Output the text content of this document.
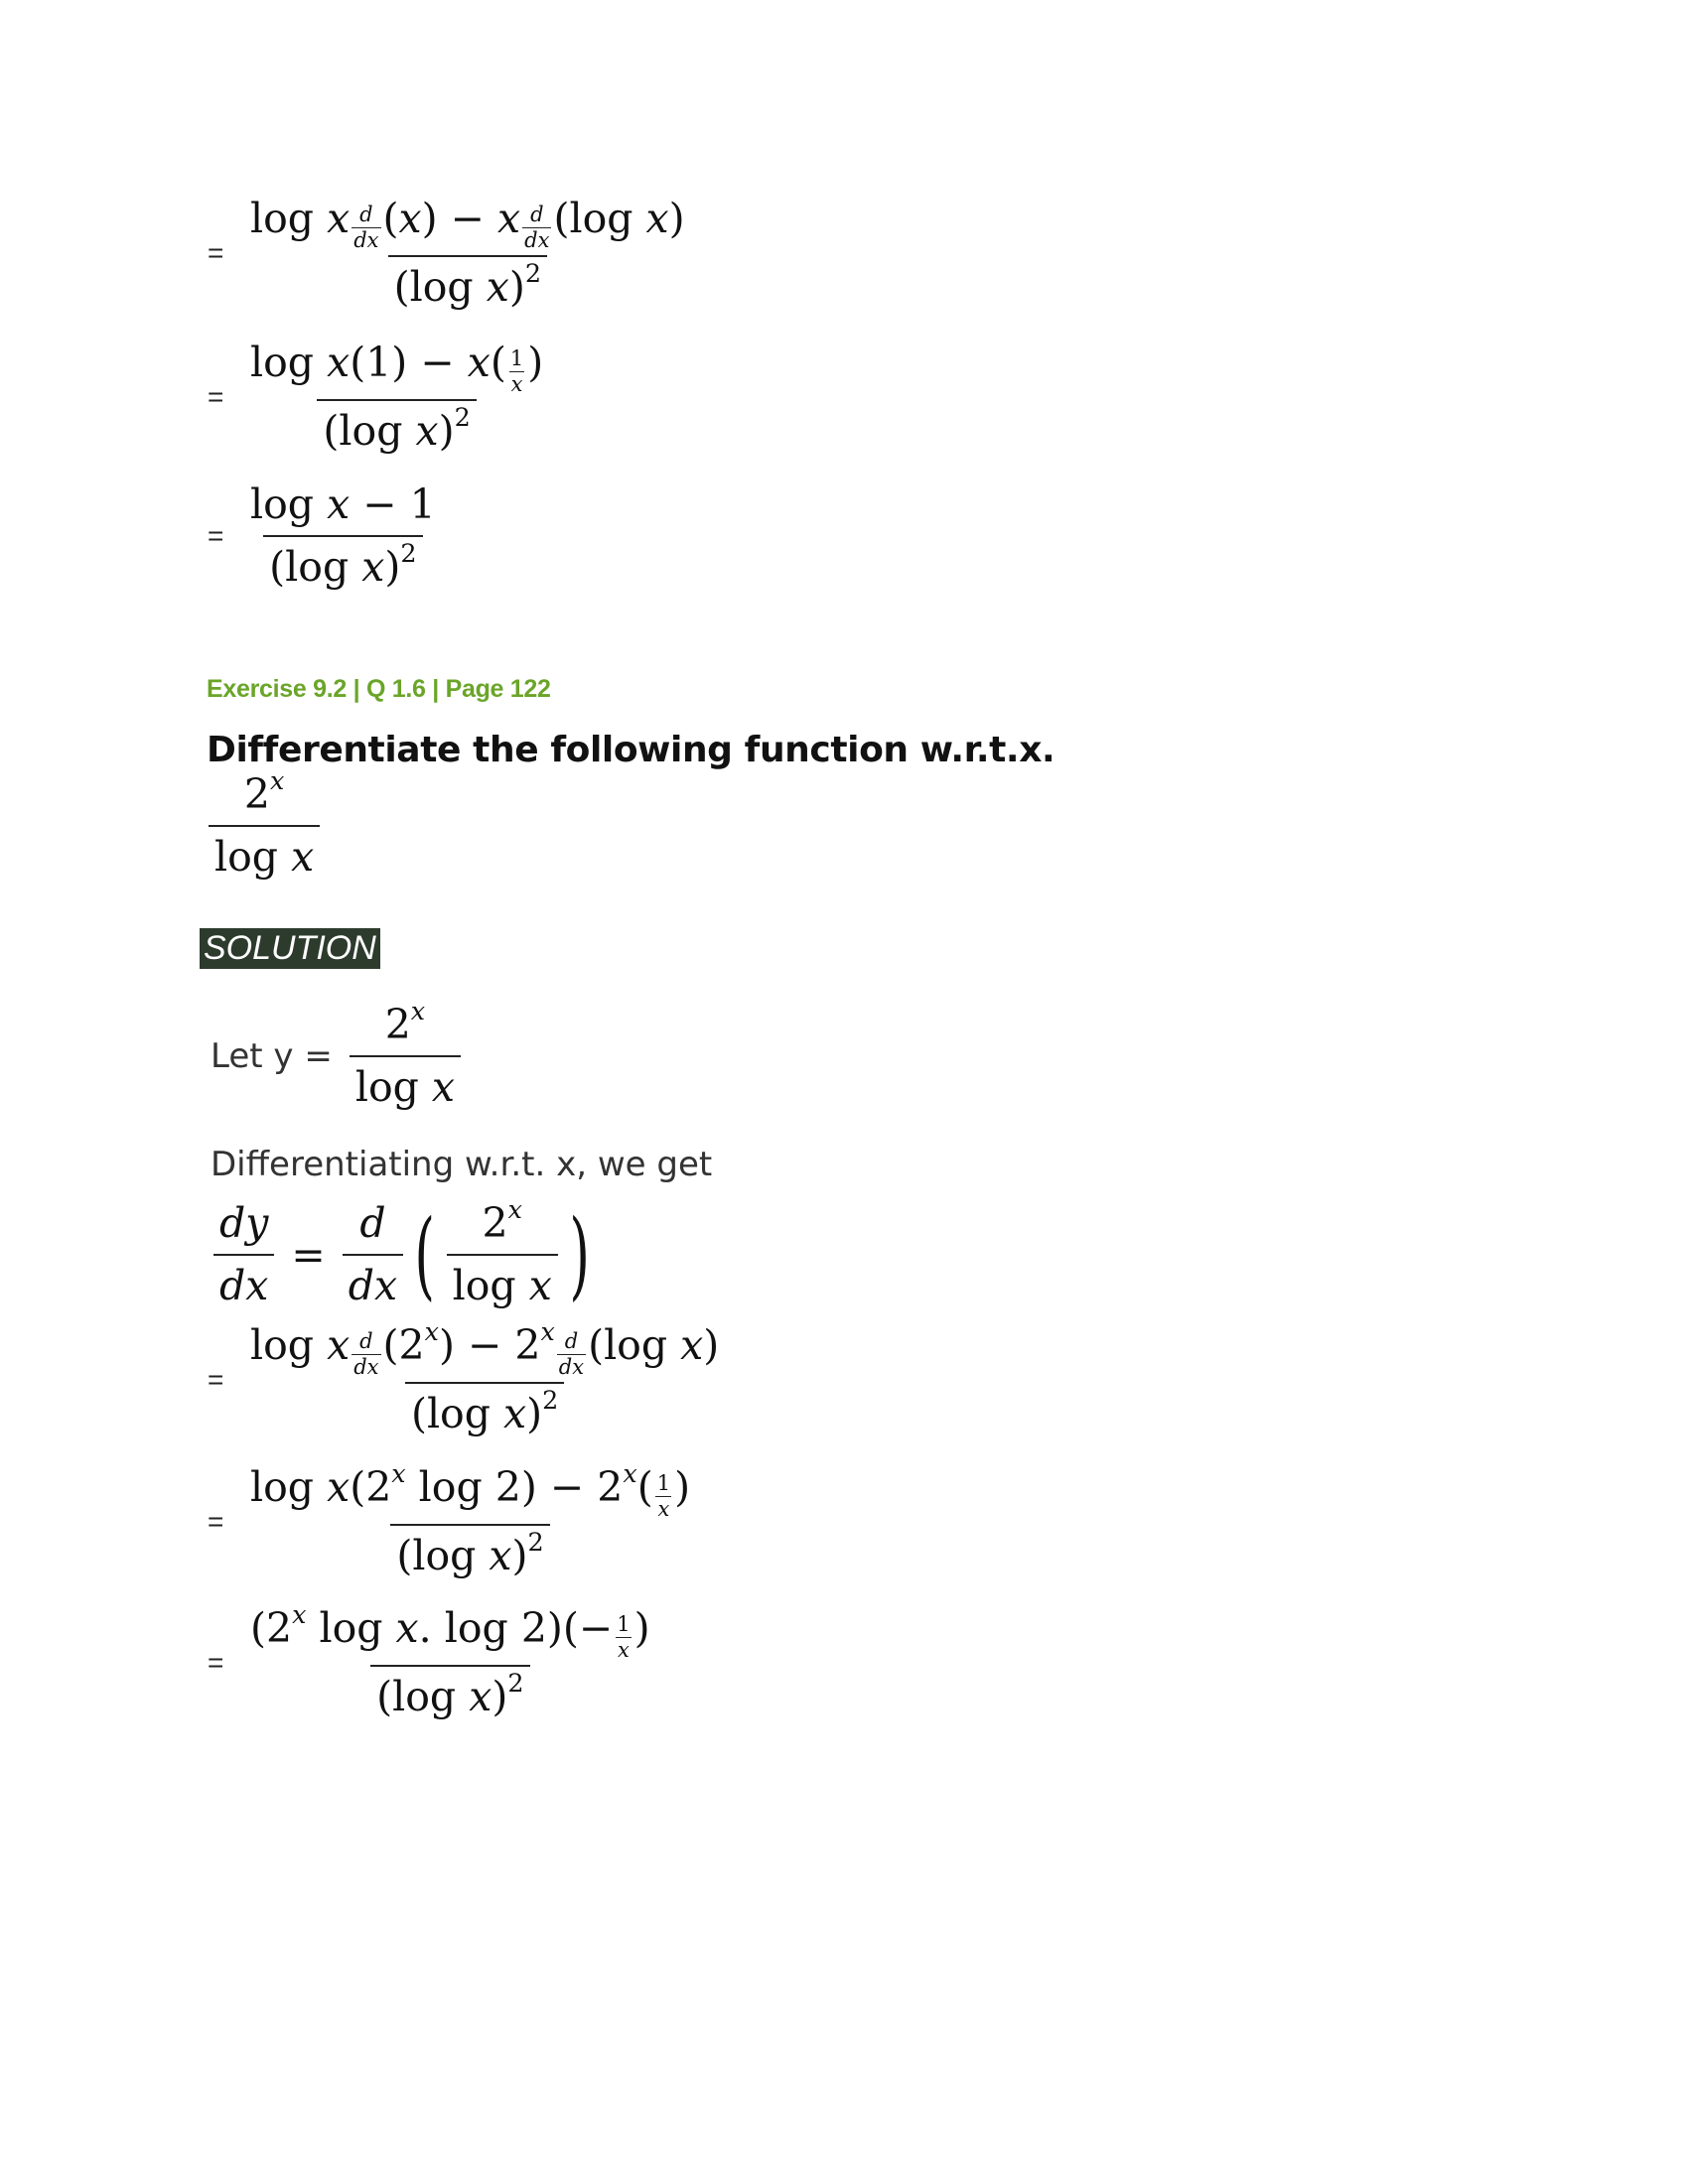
= $\frac{\log x \frac{d}{dx} (x) - x \frac{d}{dx} (\log x)}{(\log x)^2}$
= $\frac{\log x(1) - x( \frac{1}{x} )}{(\log x)^2}$
= $\frac{\text{log x − 1}}{(\log x)^2}$
Exercise 9.2 | Q 1.6 | Page 122
Differentiate the following function w.r.t.x.
$\frac{2^x}{\text{log x}}$
SOLUTION
Let $y = \frac{2^x}{\text{log x}}$
Differentiating w.r.t. x, we get
$\frac{dy}{dx} = \frac{d}{dx}$ ( $\frac{2^x}{\text{log x}}$ )
= log x $\frac{d}{dx} (2^x) - 2^x$
$\frac{d}{dx} (\log$ x)
(log x)$^2$
= $\frac{\log x(2^x \log 2) - 2^x( \frac{1}{x} )}{(\log x)^2}$
= $\frac{(2^x \log x. \log 2)(- \frac{1}{x} )}{(\log x)^2}$
